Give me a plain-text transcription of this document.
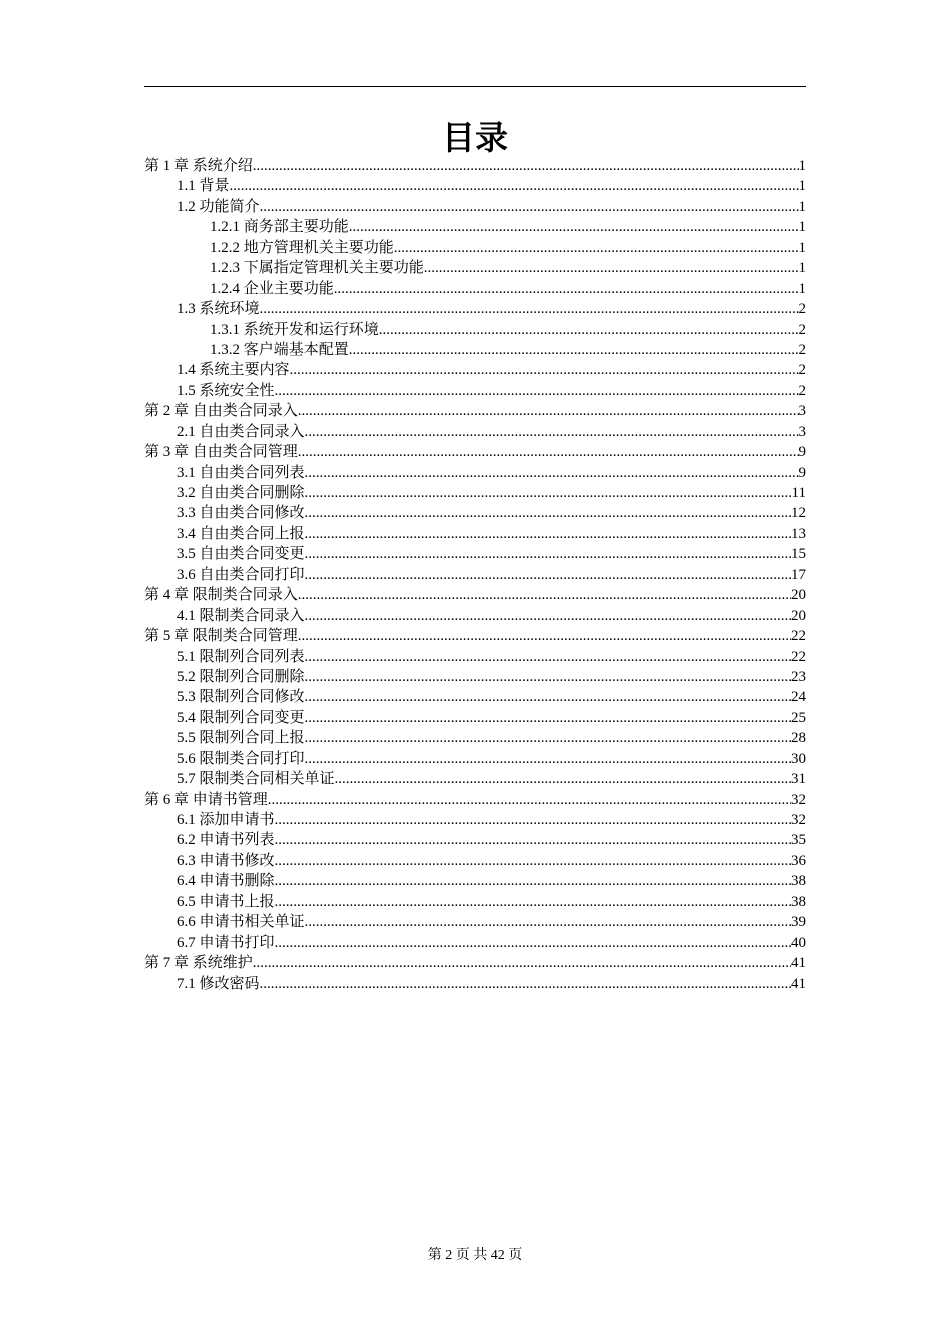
目录
第 1 章 系统介绍 .....	1
1.1 背景 .....	1
1.2 功能简介 .....	1
1.2.1 商务部主要功能 .....	1
1.2.2 地方管理机关主要功能 .....	1
1.2.3 下属指定管理机关主要功能 .....	1
1.2.4 企业主要功能 .....	1
1.3 系统环境 .....	2
1.3.1 系统开发和运行环境 .....	2
1.3.2 客户端基本配置 .....	2
1.4 系统主要内容 .....	2
1.5 系统安全性 .....	2
第 2 章 自由类合同录入 .....	3
2.1 自由类合同录入 .....	3
第 3 章 自由类合同管理 .....	9
3.1 自由类合同列表 .....	9
3.2 自由类合同删除 .....	11
3.3 自由类合同修改 .....	12
3.4 自由类合同上报 .....	13
3.5 自由类合同变更 .....	15
3.6 自由类合同打印 .....	17
第 4 章 限制类合同录入 .....	20
4.1 限制类合同录入 .....	20
第 5 章 限制类合同管理 .....	22
5.1 限制列合同列表 .....	22
5.2 限制列合同删除 .....	23
5.3 限制列合同修改 .....	24
5.4 限制列合同变更 .....	25
5.5 限制列合同上报 .....	28
5.6 限制类合同打印 .....	30
5.7 限制类合同相关单证 .....	31
第 6 章 申请书管理 .....	32
6.1 添加申请书 .....	32
6.2 申请书列表 .....	35
6.3 申请书修改 .....	36
6.4 申请书删除 .....	38
6.5 申请书上报 .....	38
6.6 申请书相关单证 .....	39
6.7 申请书打印 .....	40
第 7 章 系统维护 .....	41
7.1 修改密码 .....	41
第 2 页 共 42 页
